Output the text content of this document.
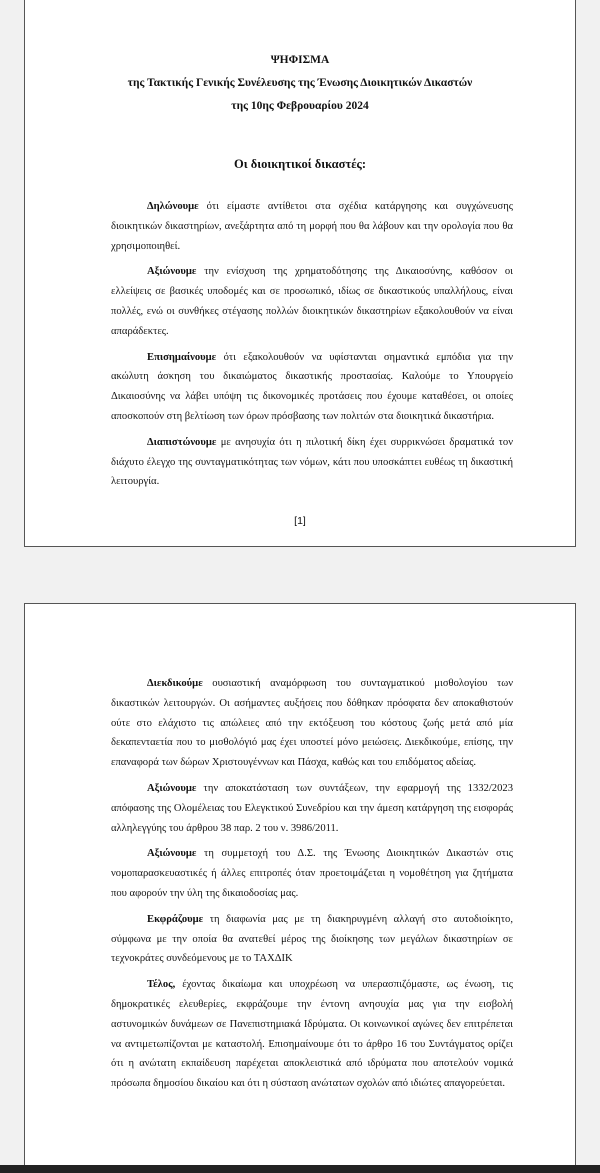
ΨΗΦΙΣΜΑ
της Τακτικής Γενικής Συνέλευσης της Ένωσης Διοικητικών Δικαστών
της 10ης Φεβρουαρίου 2024
Οι διοικητικοί δικαστές:

Δηλώνουμε ότι είμαστε αντίθετοι στα σχέδια κατάργησης και συγχώνευσης διοικητικών δικαστηρίων, ανεξάρτητα από τη μορφή που θα λάβουν και την ορολογία που θα χρησιμοποιηθεί.

Αξιώνουμε την ενίσχυση της χρηματοδότησης της Δικαιοσύνης, καθόσον οι ελλείψεις σε βασικές υποδομές και σε προσωπικό, ιδίως σε δικαστικούς υπαλλήλους, είναι πολλές, ενώ οι συνθήκες στέγασης πολλών διοικητικών δικαστηρίων εξακολουθούν να είναι απαράδεκτες.

Επισημαίνουμε ότι εξακολουθούν να υφίστανται σημαντικά εμπόδια για την ακώλυτη άσκηση του δικαιώματος δικαστικής προστασίας. Καλούμε το Υπουργείο Δικαιοσύνης να λάβει υπόψη τις δικονομικές προτάσεις που έχουμε καταθέσει, οι οποίες αποσκοπούν στη βελτίωση των όρων πρόσβασης των πολιτών στα διοικητικά δικαστήρια.

Διαπιστώνουμε με ανησυχία ότι η πιλοτική δίκη έχει συρρικνώσει δραματικά τον διάχυτο έλεγχο της συνταγματικότητας των νόμων, κάτι που υποσκάπτει ευθέως τη δικαστική λειτουργία.

[1]

Διεκδικούμε ουσιαστική αναμόρφωση του συνταγματικού μισθολογίου των δικαστικών λειτουργών. Οι ασήμαντες αυξήσεις που δόθηκαν πρόσφατα δεν αποκαθιστούν ούτε στο ελάχιστο τις απώλειες από την εκτόξευση του κόστους ζωής μετά από μία δεκαπενταετία που το μισθολόγιό μας έχει υποστεί μόνο μειώσεις. Διεκδικούμε, επίσης, την επαναφορά των δώρων Χριστουγέννων και Πάσχα, καθώς και του επιδόματος αδείας.

Αξιώνουμε την αποκατάσταση των συντάξεων, την εφαρμογή της 1332/2023 απόφασης της Ολομέλειας του Ελεγκτικού Συνεδρίου και την άμεση κατάργηση της εισφοράς αλληλεγγύης του άρθρου 38 παρ. 2 του ν. 3986/2011.

Αξιώνουμε τη συμμετοχή του Δ.Σ. της Ένωσης Διοικητικών Δικαστών στις νομοπαρασκευαστικές ή άλλες επιτροπές όταν προετοιμάζεται η νομοθέτηση για ζητήματα που αφορούν την ύλη της δικαιοδοσίας μας.

Εκφράζουμε τη διαφωνία μας με τη διακηρυγμένη αλλαγή στο αυτοδιοίκητο, σύμφωνα με την οποία θα ανατεθεί μέρος της διοίκησης των μεγάλων δικαστηρίων σε τεχνοκράτες συνδεόμενους με το ΤΑΧΔΙΚ

Τέλος, έχοντας δικαίωμα και υποχρέωση να υπερασπιζόμαστε, ως ένωση, τις δημοκρατικές ελευθερίες, εκφράζουμε την έντονη ανησυχία μας για την εισβολή αστυνομικών δυνάμεων σε Πανεπιστημιακά Ιδρύματα. Οι κοινωνικοί αγώνες δεν επιτρέπεται να αντιμετωπίζονται με καταστολή. Επισημαίνουμε ότι το άρθρο 16 του Συντάγματος ορίζει ότι η ανώτατη εκπαίδευση παρέχεται αποκλειστικά από ιδρύματα που αποτελούν νομικά πρόσωπα δημοσίου δικαίου και ότι η σύσταση ανώτατων σχολών από ιδιώτες απαγορεύεται.
